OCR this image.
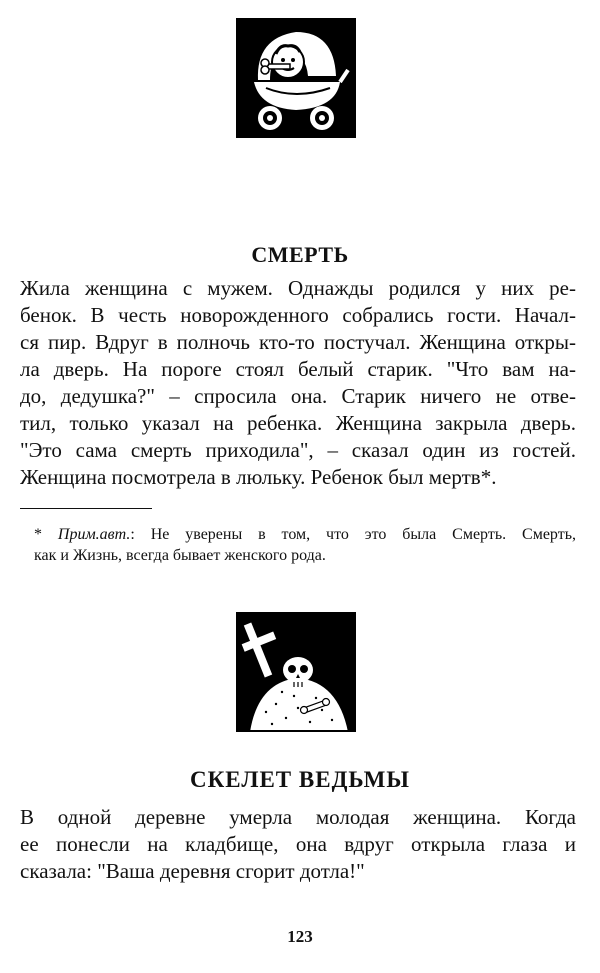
СМЕРТЬ
Жила женщина с мужем. Однажды родился у них ре-
бенок. В честь новорожденного собрались гости. Начал-
ся пир. Вдруг в полночь кто-то постучал. Женщина откры-
ла дверь. На пороге стоял белый старик. "Что вам на-
до, дедушка?" – спросила она. Старик ничего не отве-
тил, только указал на ребенка. Женщина закрыла дверь.
"Это сама смерть приходила", – сказал один из гостей.
Женщина посмотрела в люльку. Ребенок был мертв*.
* Прим.авт.: Не уверены в том, что это была Смерть. Смерть,
как и Жизнь, всегда бывает женского рода.
СКЕЛЕТ ВЕДЬМЫ
В одной деревне умерла молодая женщина. Когда
ее понесли на кладбище, она вдруг открыла глаза и
сказала: "Ваша деревня сгорит дотла!"
123
